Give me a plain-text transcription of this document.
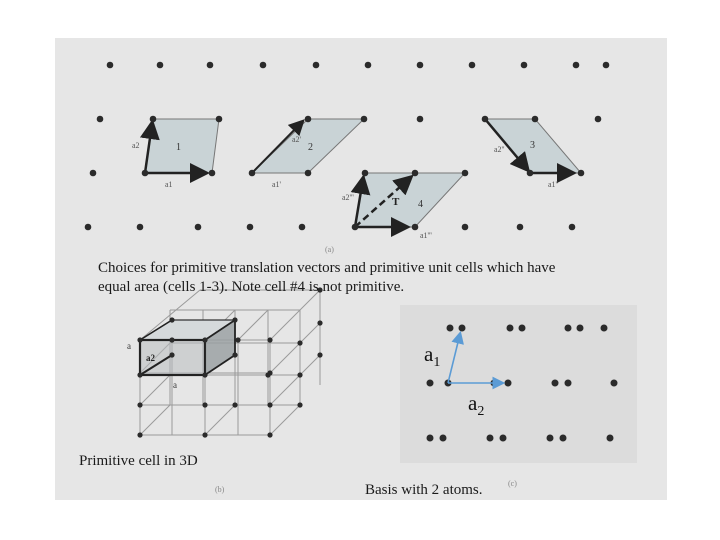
1	2	3
4
T
a1
a2
a1'
a2'
a1''
a2''
a1'''
a2'''
(a)
a
a2
a
(b)
(c)
$a_1$
$a_2$
Choices for primitive translation vectors and primitive unit cells which have
equal area (cells 1-3). Note cell #4 is not primitive.
Primitive cell in 3D
Basis with 2 atoms.
